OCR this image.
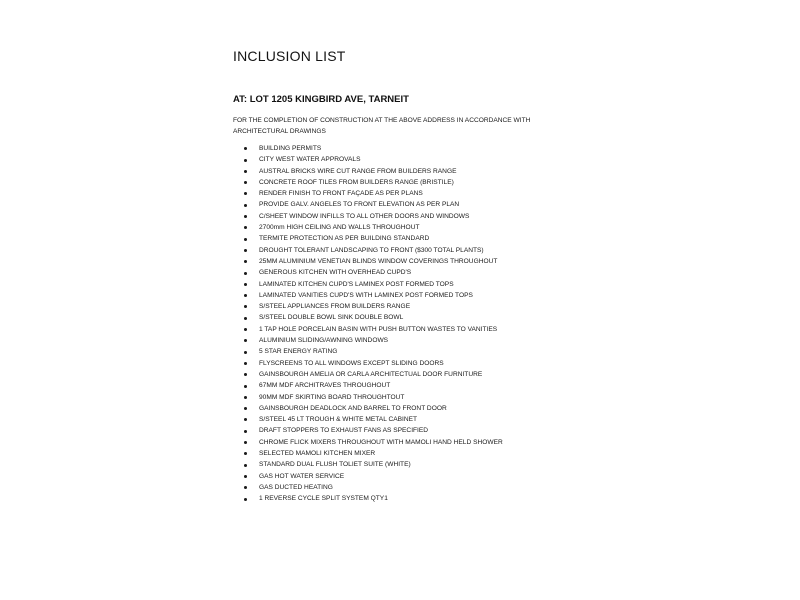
INCLUSION LIST
AT: LOT 1205 KINGBIRD AVE, TARNEIT
FOR THE COMPLETION OF CONSTRUCTION AT THE ABOVE ADDRESS IN ACCORDANCE WITH ARCHITECTURAL DRAWINGS
BUILDING PERMITS
CITY WEST WATER APPROVALS
AUSTRAL BRICKS WIRE CUT RANGE FROM BUILDERS RANGE
CONCRETE ROOF TILES FROM BUILDERS RANGE (BRISTILE)
RENDER FINISH TO FRONT FAÇADE AS PER PLANS
PROVIDE GALV. ANGELES TO FRONT ELEVATION AS PER PLAN
C/SHEET WINDOW INFILLS TO ALL OTHER DOORS AND WINDOWS
2700mm HIGH CEILING AND WALLS THROUGHOUT
TERMITE PROTECTION AS PER BUILDING STANDARD
DROUGHT TOLERANT LANDSCAPING TO FRONT ($300 TOTAL PLANTS)
25MM ALUMINIUM VENETIAN BLINDS WINDOW COVERINGS THROUGHOUT
GENEROUS KITCHEN WITH OVERHEAD CUPD'S
LAMINATED KITCHEN CUPD'S LAMINEX POST FORMED TOPS
LAMINATED VANITIES CUPD'S WITH LAMINEX POST FORMED TOPS
S/STEEL APPLIANCES FROM BUILDERS RANGE
S/STEEL DOUBLE BOWL SINK DOUBLE BOWL
1 TAP HOLE PORCELAIN BASIN WITH PUSH BUTTON WASTES TO VANITIES
ALUMINIUM SLIDING/AWNING WINDOWS
5 STAR ENERGY RATING
FLYSCREENS TO ALL WINDOWS EXCEPT SLIDING DOORS
GAINSBOURGH AMELIA OR CARLA ARCHITECTUAL DOOR FURNITURE
67MM MDF ARCHITRAVES THROUGHOUT
90MM MDF SKIRTING BOARD THROUGHTOUT
GAINSBOURGH DEADLOCK AND BARREL TO FRONT DOOR
S/STEEL 45 LT TROUGH & WHITE METAL CABINET
DRAFT STOPPERS TO EXHAUST FANS AS SPECIFIED
CHROME FLICK MIXERS THROUGHOUT WITH MAMOLI HAND HELD SHOWER
SELECTED MAMOLI KITCHEN MIXER
STANDARD DUAL FLUSH TOLIET SUITE (WHITE)
GAS HOT WATER SERVICE
GAS DUCTED HEATING
1 REVERSE CYCLE SPLIT SYSTEM QTY1
